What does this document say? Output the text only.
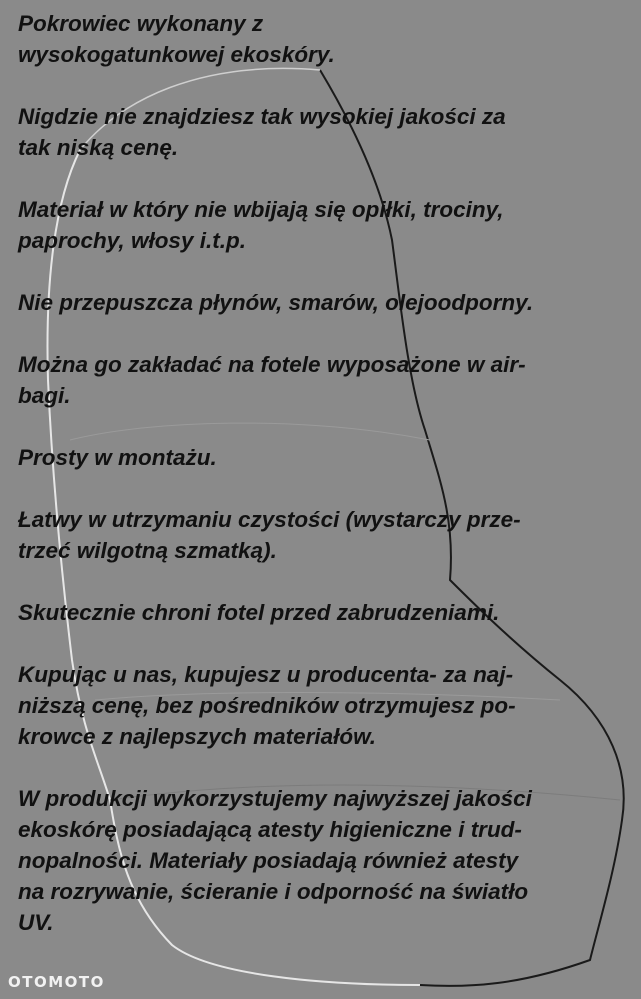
Pokrowiec wykonany z
wysokogatunkowej ekoskóry.

Nigdzie nie znajdziesz tak wysokiej jakości za
tak niską cenę.

Materiał w który nie wbijają się opiłki, trociny,
paprochy, włosy i.t.p.

Nie przepuszcza płynów, smarów, olejoodporny.

Można go zakładać na fotele wyposażone w air-
bagi.

Prosty w montażu.

Łatwy w utrzymaniu czystości (wystarczy prze-
trzeć wilgotną szmatką).

Skutecznie chroni fotel przed zabrudzeniami.

Kupując u nas, kupujesz u producenta- za naj-
niższą cenę, bez pośredników otrzymujesz po-
krowce z najlepszych materiałów.

W produkcji wykorzystujemy najwyższej jakości
ekoskórę posiadającą atesty higieniczne i trud-
nopalności. Materiały posiadają również atesty
na rozrywanie, ścieranie i odporność na światło
UV.

OTOMOTO
